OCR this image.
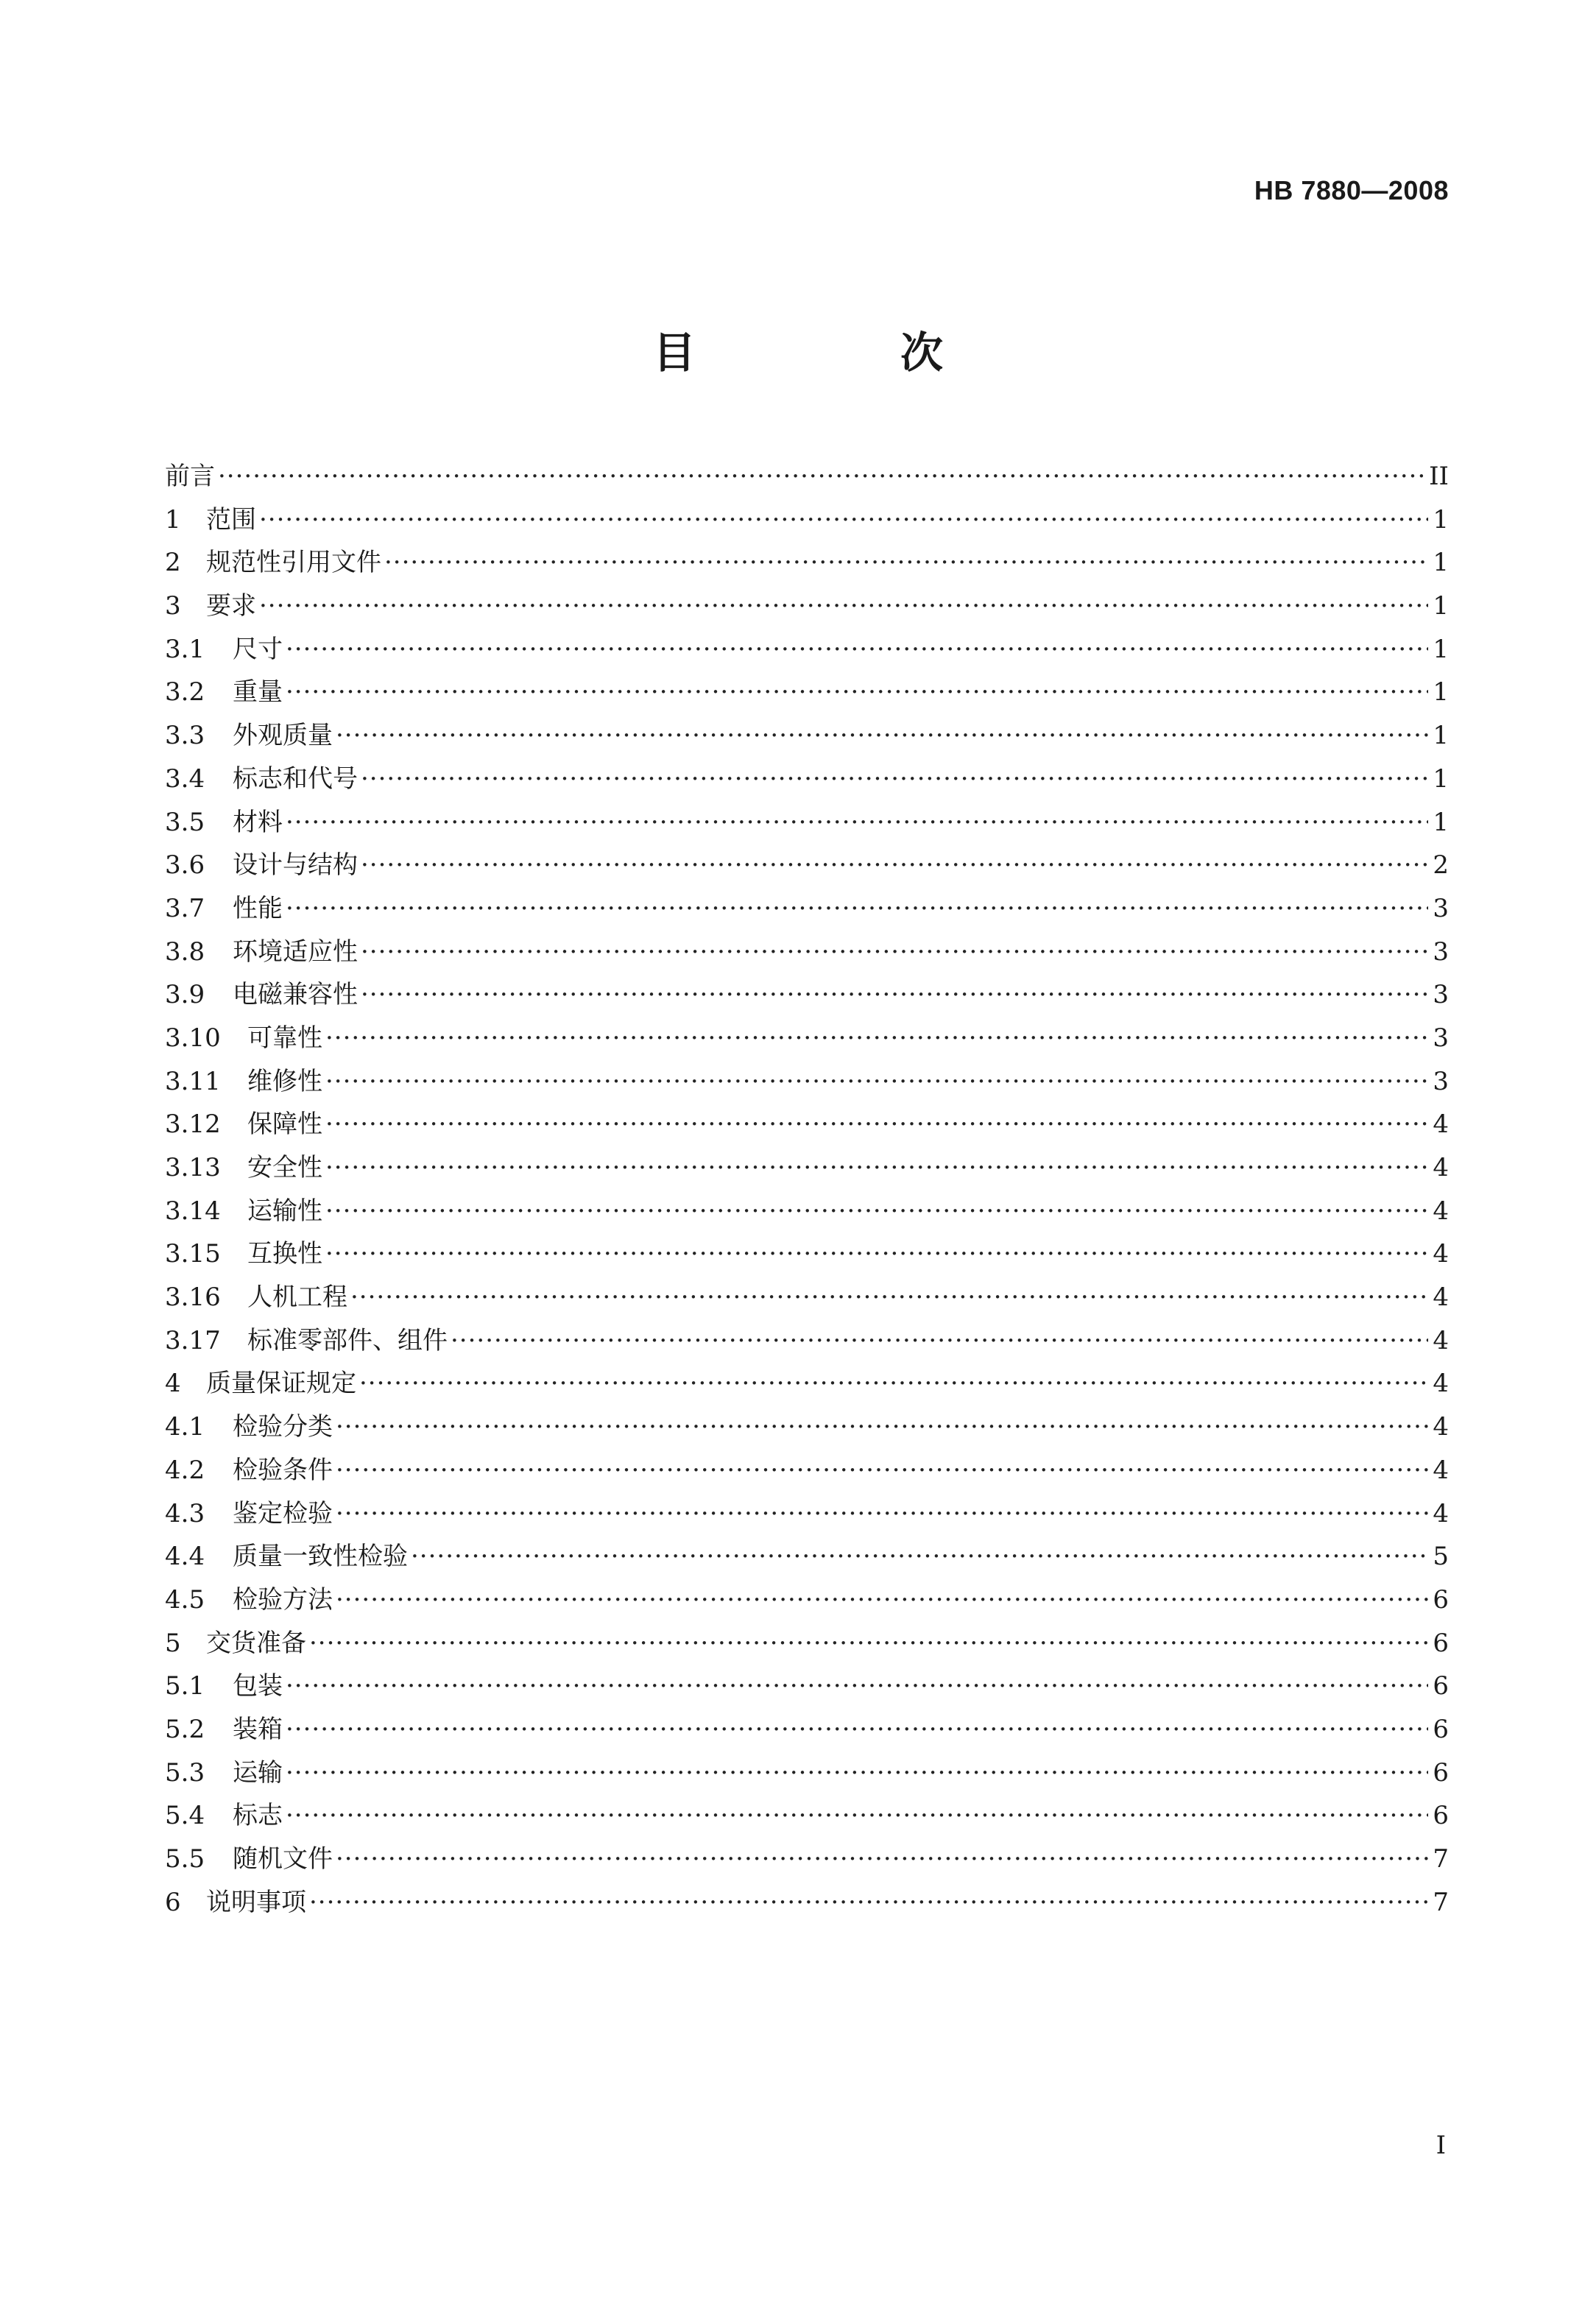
HB 7880—2008
目　次
前言 ·····	II
1	范围 ·····	1
2	规范性引用文件 ·····	1
3	要求 ·····	1
3.1	尺寸 ·····	1
3.2	重量 ·····	1
3.3	外观质量 ·····	1
3.4	标志和代号 ·····	1
3.5	材料 ·····	1
3.6	设计与结构 ·····	2
3.7	性能 ·····	3
3.8	环境适应性 ·····	3
3.9	电磁兼容性 ·····	3
3.10	可靠性 ·····	3
3.11	维修性 ·····	3
3.12	保障性 ·····	4
3.13	安全性 ·····	4
3.14	运输性 ·····	4
3.15	互换性 ·····	4
3.16	人机工程 ·····	4
3.17	标准零部件、组件 ·····	4
4	质量保证规定 ·····	4
4.1	检验分类 ·····	4
4.2	检验条件 ·····	4
4.3	鉴定检验 ·····	4
4.4	质量一致性检验 ·····	5
4.5	检验方法 ·····	6
5	交货准备 ·····	6
5.1	包装 ·····	6
5.2	装箱 ·····	6
5.3	运输 ·····	6
5.4	标志 ·····	6
5.5	随机文件 ·····	7
6	说明事项 ·····	7
I
